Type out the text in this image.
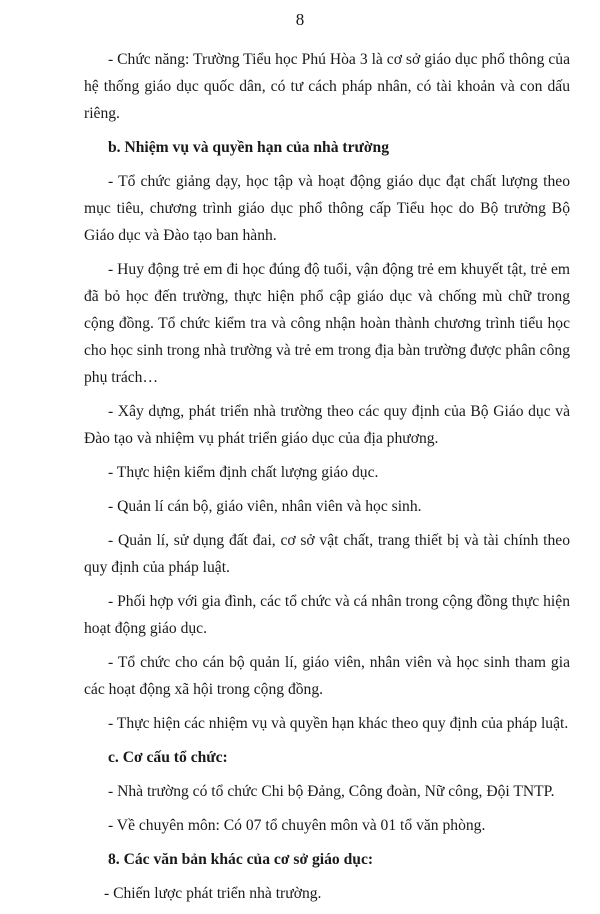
8

- Chức năng: Trường Tiểu học Phú Hòa 3 là cơ sở giáo dục phổ thông của hệ thống giáo dục quốc dân, có tư cách pháp nhân, có tài khoản và con dấu riêng.

b. Nhiệm vụ và quyền hạn của nhà trường

- Tổ chức giảng dạy, học tập và hoạt động giáo dục đạt chất lượng theo mục tiêu, chương trình giáo dục phổ thông cấp Tiểu học do Bộ trưởng Bộ Giáo dục và Đào tạo ban hành.

- Huy động trẻ em đi học đúng độ tuổi, vận động trẻ em khuyết tật, trẻ em đã bỏ học đến trường, thực hiện phổ cập giáo dục và chống mù chữ trong cộng đồng. Tổ chức kiểm tra và công nhận hoàn thành chương trình tiểu học cho học sinh trong nhà trường và trẻ em trong địa bàn trường được phân công phụ trách…

- Xây dựng, phát triển nhà trường theo các quy định của Bộ Giáo dục và Đào tạo và nhiệm vụ phát triển giáo dục của địa phương.

- Thực hiện kiểm định chất lượng giáo dục.

- Quản lí cán bộ, giáo viên, nhân viên và học sinh.

- Quản lí, sử dụng đất đai, cơ sở vật chất, trang thiết bị và tài chính theo quy định của pháp luật.

- Phối hợp với gia đình, các tổ chức và cá nhân trong cộng đồng thực hiện hoạt động giáo dục.

- Tổ chức cho cán bộ quản lí, giáo viên, nhân viên và học sinh tham gia các hoạt động xã hội trong cộng đồng.

- Thực hiện các nhiệm vụ và quyền hạn khác theo quy định của pháp luật.

c. Cơ cấu tổ chức:

- Nhà trường có tổ chức Chi bộ Đảng, Công đoàn, Nữ công, Đội TNTP.

- Về chuyên môn: Có 07 tổ chuyên môn và 01 tổ văn phòng.

8. Các văn bản khác của cơ sở giáo dục:

- Chiến lược phát triển nhà trường.
